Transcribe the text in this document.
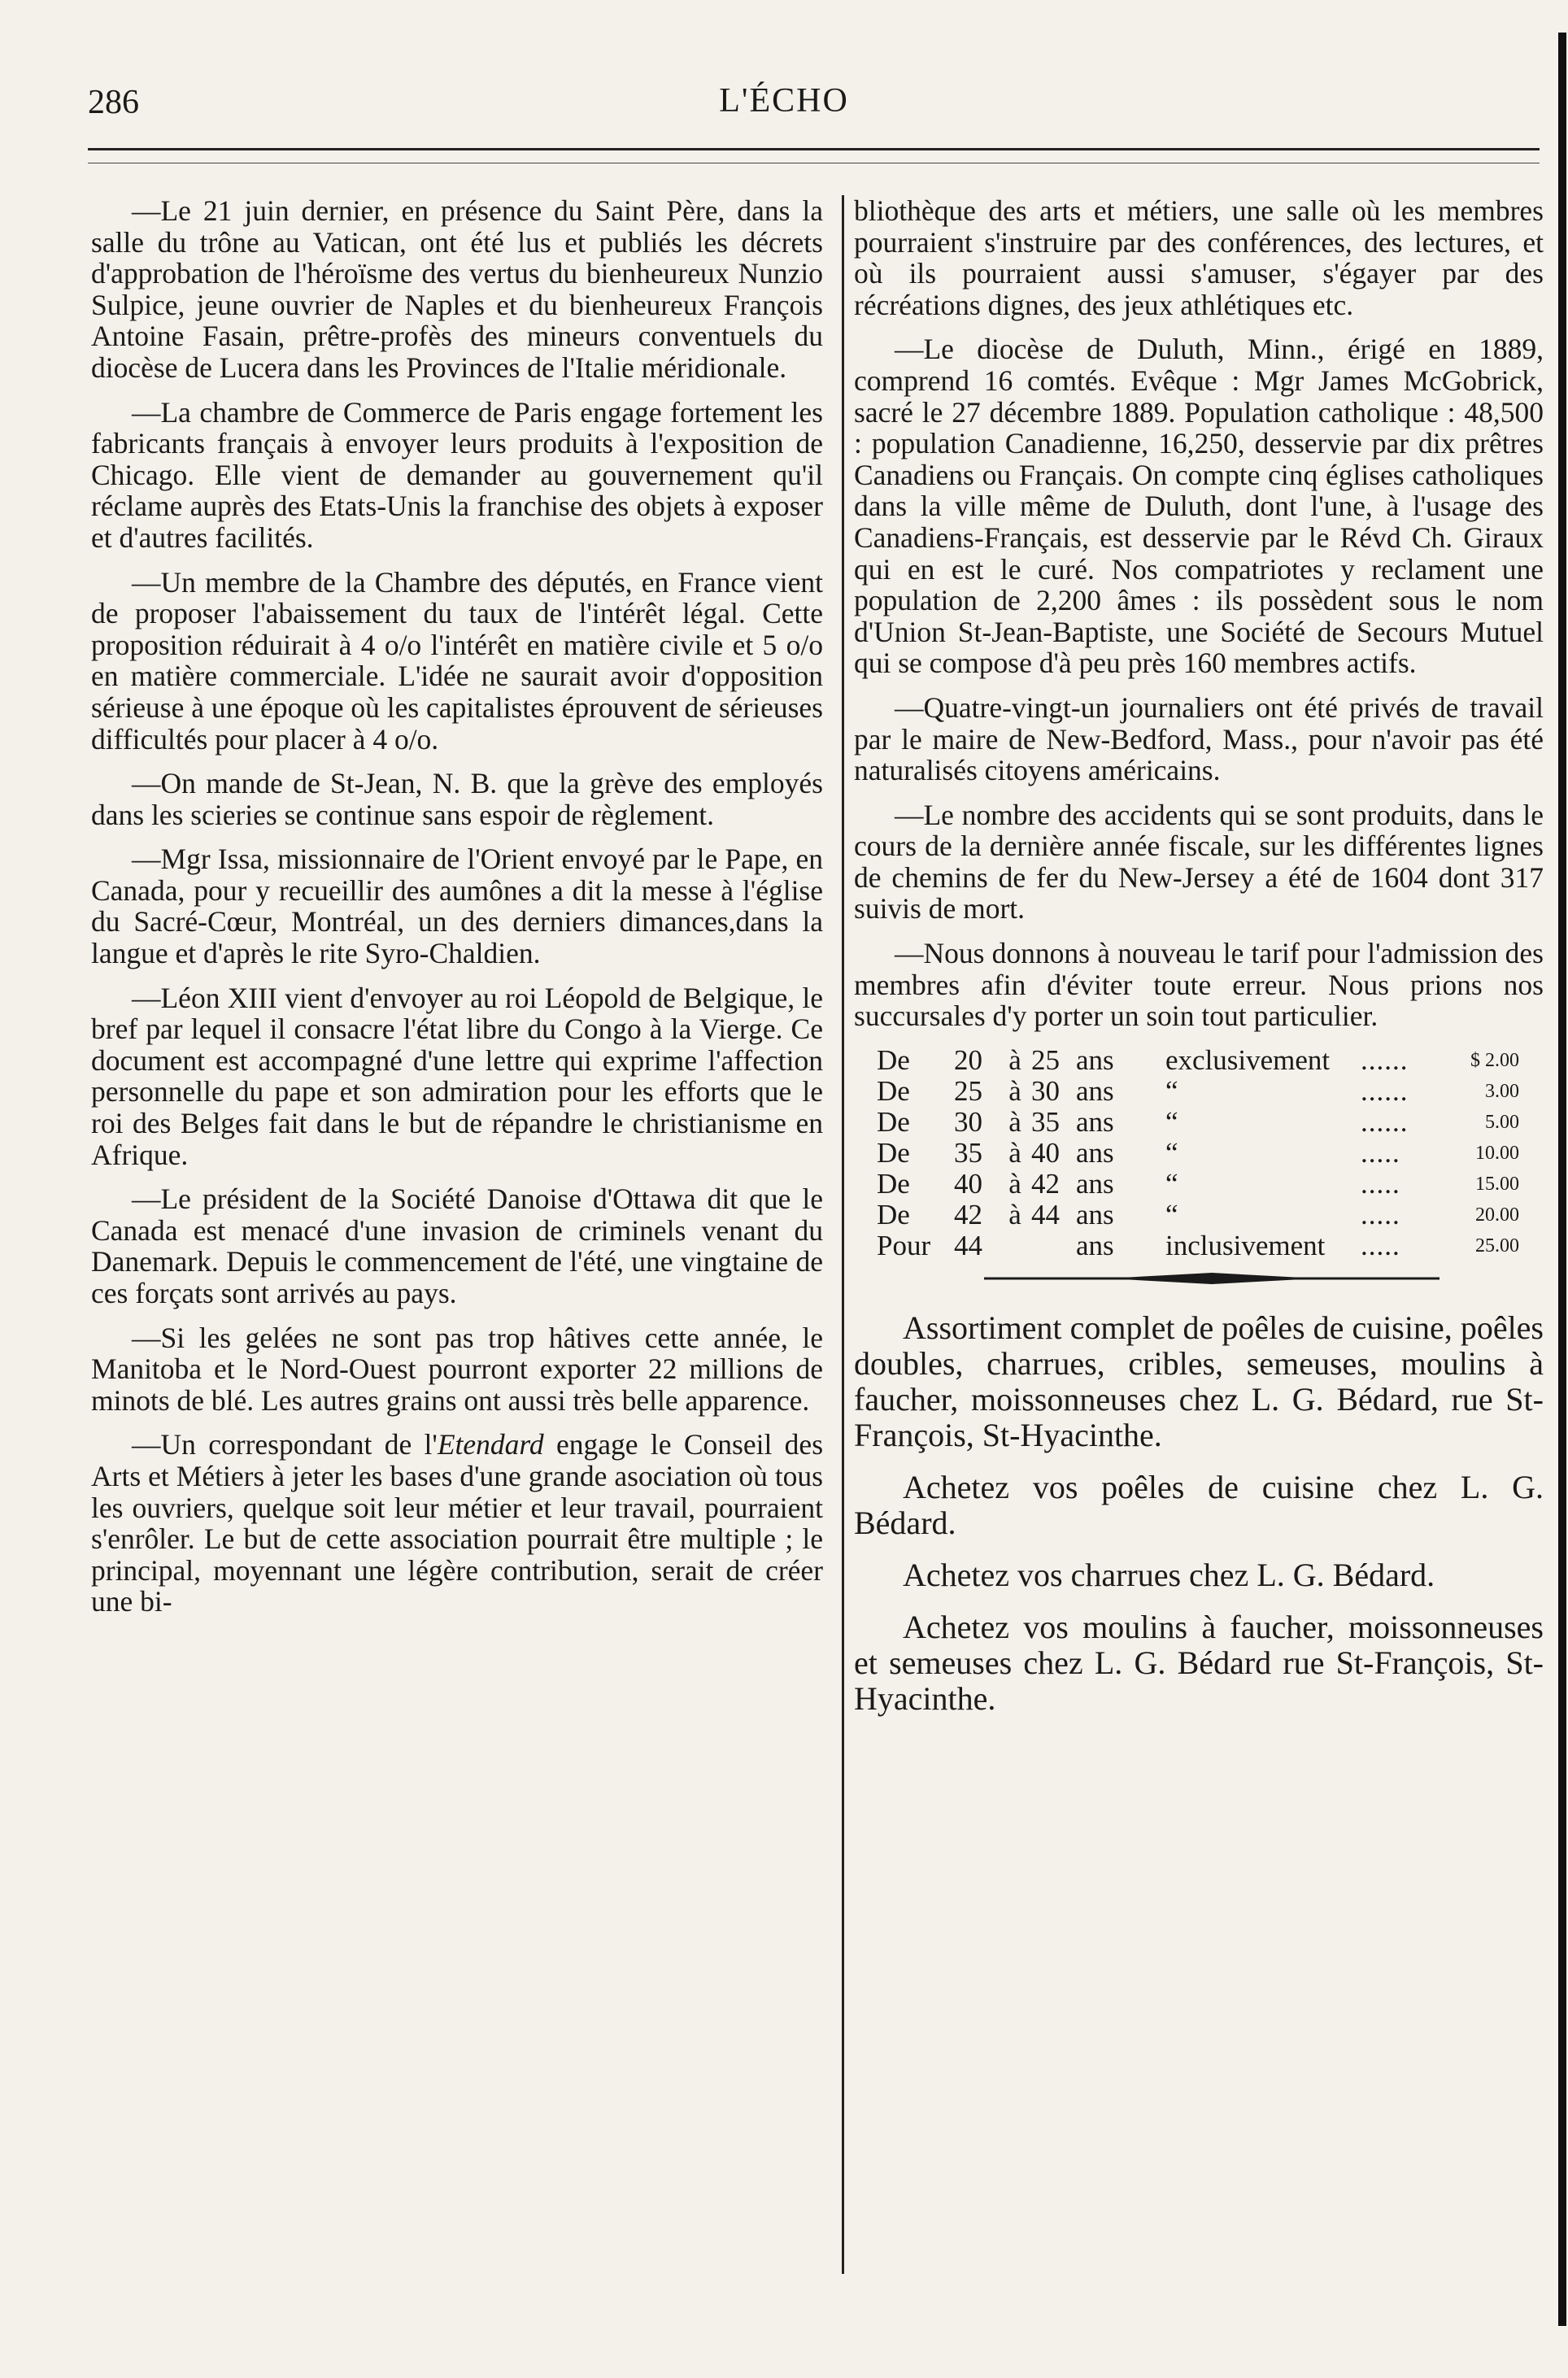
286	L'ÉCHO

—Le 21 juin dernier, en présence du Saint Père, dans la salle du trône au Vatican, ont été lus et publiés les décrets d'approbation de l'héroïsme des vertus du bienheureux Nunzio Sulpice, jeune ouvrier de Naples et du bienheureux François Antoine Fasain, prêtre-profès des mineurs conventuels du diocèse de Lucera dans les Provinces de l'Italie méridionale.

—La chambre de Commerce de Paris engage fortement les fabricants français à envoyer leurs produits à l'exposition de Chicago. Elle vient de demander au gouvernement qu'il réclame auprès des Etats-Unis la franchise des objets à exposer et d'autres facilités.

—Un membre de la Chambre des députés, en France vient de proposer l'abaissement du taux de l'intérêt légal. Cette proposition réduirait à 4 o/o l'intérêt en matière civile et 5 o/o en matière commerciale. L'idée ne saurait avoir d'opposition sérieuse à une époque où les capitalistes éprouvent de sérieuses difficultés pour placer à 4 o/o.

—On mande de St-Jean, N. B. que la grève des employés dans les scieries se continue sans espoir de règlement.

—Mgr Issa, missionnaire de l'Orient envoyé par le Pape, en Canada, pour y recueillir des aumônes a dit la messe à l'église du Sacré-Cœur, Montréal, un des derniers dimances,dans la langue et d'après le rite Syro-Chaldien.

—Léon XIII vient d'envoyer au roi Léopold de Belgique, le bref par lequel il consacre l'état libre du Congo à la Vierge. Ce document est accompagné d'une lettre qui exprime l'affection personnelle du pape et son admiration pour les efforts que le roi des Belges fait dans le but de répandre le christianisme en Afrique.

—Le président de la Société Danoise d'Ottawa dit que le Canada est menacé d'une invasion de criminels venant du Danemark. Depuis le commencement de l'été, une vingtaine de ces forçats sont arrivés au pays.

—Si les gelées ne sont pas trop hâtives cette année, le Manitoba et le Nord-Ouest pourront exporter 22 millions de minots de blé. Les autres grains ont aussi très belle apparence.

—Un correspondant de l'Etendard engage le Conseil des Arts et Métiers à jeter les bases d'une grande asociation où tous les ouvriers, quelque soit leur métier et leur travail, pourraient s'enrôler. Le but de cette association pourrait être multiple ; le principal, moyennant une légère contribution, serait de créer une bi-

bliothèque des arts et métiers, une salle où les membres pourraient s'instruire par des conférences, des lectures, et où ils pourraient aussi s'amuser, s'égayer par des récréations dignes, des jeux athlétiques etc.

—Le diocèse de Duluth, Minn., érigé en 1889, comprend 16 comtés. Evêque : Mgr James McGobrick, sacré le 27 décembre 1889. Population catholique : 48,500 : population Canadienne, 16,250, desservie par dix prêtres Canadiens ou Français. On compte cinq églises catholiques dans la ville même de Duluth, dont l'une, à l'usage des Canadiens-Français, est desservie par le Révd Ch. Giraux qui en est le curé. Nos compatriotes y reclament une population de 2,200 âmes : ils possèdent sous le nom d'Union St-Jean-Baptiste, une Société de Secours Mutuel qui se compose d'à peu près 160 membres actifs.

—Quatre-vingt-un journaliers ont été privés de travail par le maire de New-Bedford, Mass., pour n'avoir pas été naturalisés citoyens américains.

—Le nombre des accidents qui se sont produits, dans le cours de la dernière année fiscale, sur les différentes lignes de chemins de fer du New-Jersey a été de 1604 dont 317 suivis de mort.

—Nous donnons à nouveau le tarif pour l'admission des membres afin d'éviter toute erreur. Nous prions nos succursales d'y porter un soin tout particulier.

De	20	à	25	ans	exclusivement	......	$ 2.00
De	25	à	30	ans	“	......	3.00
De	30	à	35	ans	“	......	5.00
De	35	à	40	ans	“	.....	10.00
De	40	à	42	ans	“	.....	15.00
De	42	à	44	ans	“	.....	20.00
Pour	44			ans	inclusivement	.....	25.00

Assortiment complet de poêles de cuisine, poêles doubles, charrues, cribles, semeuses, moulins à faucher, moissonneuses chez L. G. Bédard, rue St-François, St-Hyacinthe.

Achetez vos poêles de cuisine chez L. G. Bédard.

Achetez vos charrues chez L. G. Bédard.

Achetez vos moulins à faucher, moissonneuses et semeuses chez L. G. Bédard rue St-François, St-Hyacinthe.
